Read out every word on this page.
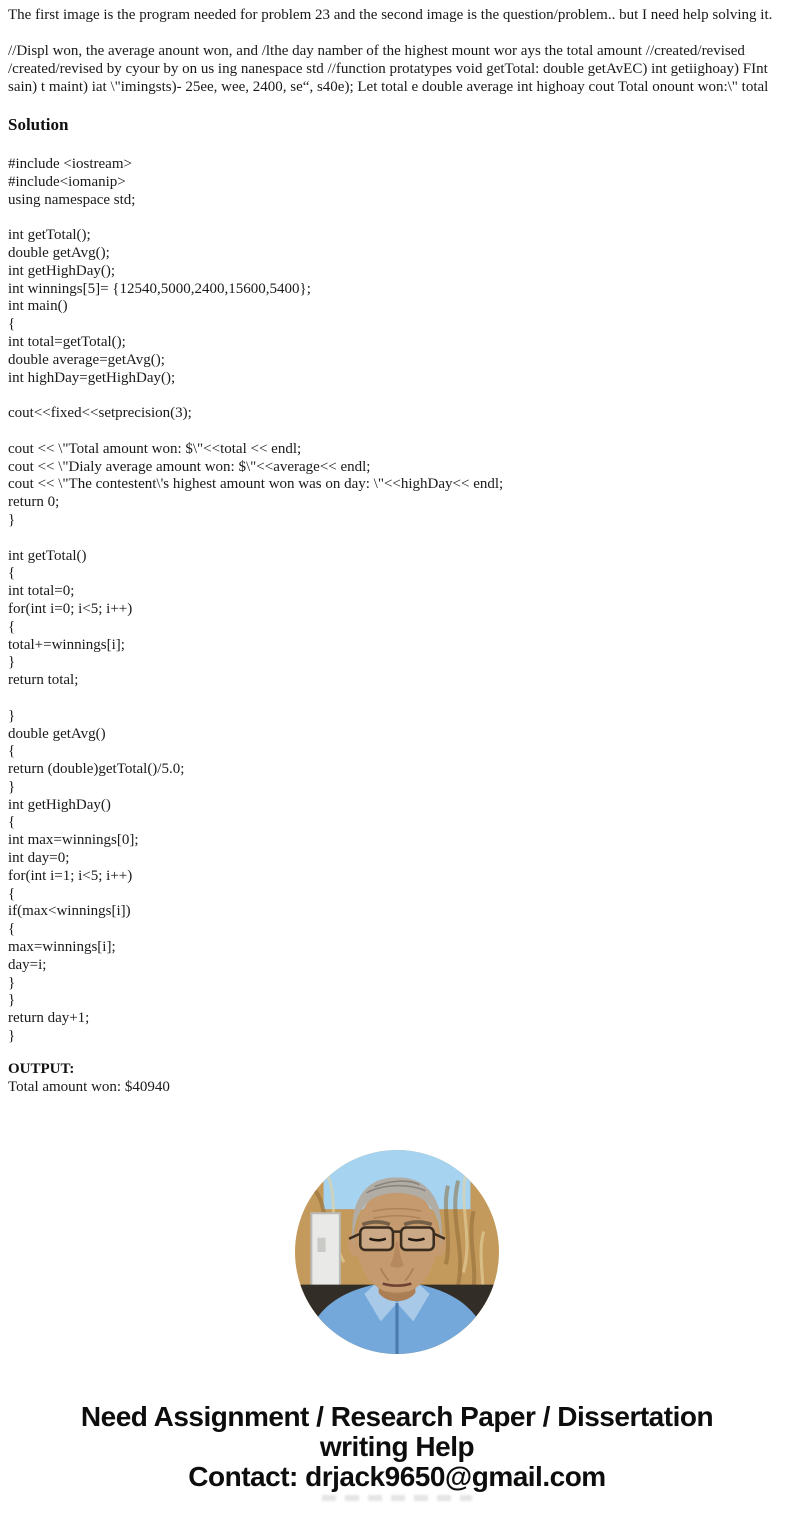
The first image is the program needed for problem 23 and the second image is the question/problem.. but I need help solving it.

//Displ won, the average anount won, and /lthe day namber of the highest mount wor ays the total amount //created/revised /created/revised by cyour by on us ing nanespace std //function protatypes void getTotal: double getAvEC) int getiighoay) FInt sain) t maint) iat \"imingsts)- 25ee, wee, 2400, se“, s40e); Let total e double average int highoay cout Total onount won:\" total

Solution
#include <iostream>
#include<iomanip>
using namespace std;

int getTotal();
double getAvg();
int getHighDay();
int winnings[5]= {12540,5000,2400,15600,5400};
int main()
{
int total=getTotal();
double average=getAvg();
int highDay=getHighDay();

cout<<fixed<<setprecision(3);

cout << \"Total amount won: $\"<<total << endl;
cout << \"Dialy average amount won: $\"<<average<< endl;
cout << \"The contestent\'s highest amount won was on day: \"<<highDay<< endl;
return 0;
}

int getTotal()
{
int total=0;
for(int i=0; i<5; i++)
{
total+=winnings[i];
}
return total;

}
double getAvg()
{
return (double)getTotal()/5.0;
}
int getHighDay()
{
int max=winnings[0];
int day=0;
for(int i=1; i<5; i++)
{
if(max<winnings[i])
{
max=winnings[i];
day=i;
}
}
return day+1;
}
OUTPUT:
Total amount won: $40940
Need Assignment / Research Paper / Dissertation
writing Help
Contact: drjack9650@gmail.com
